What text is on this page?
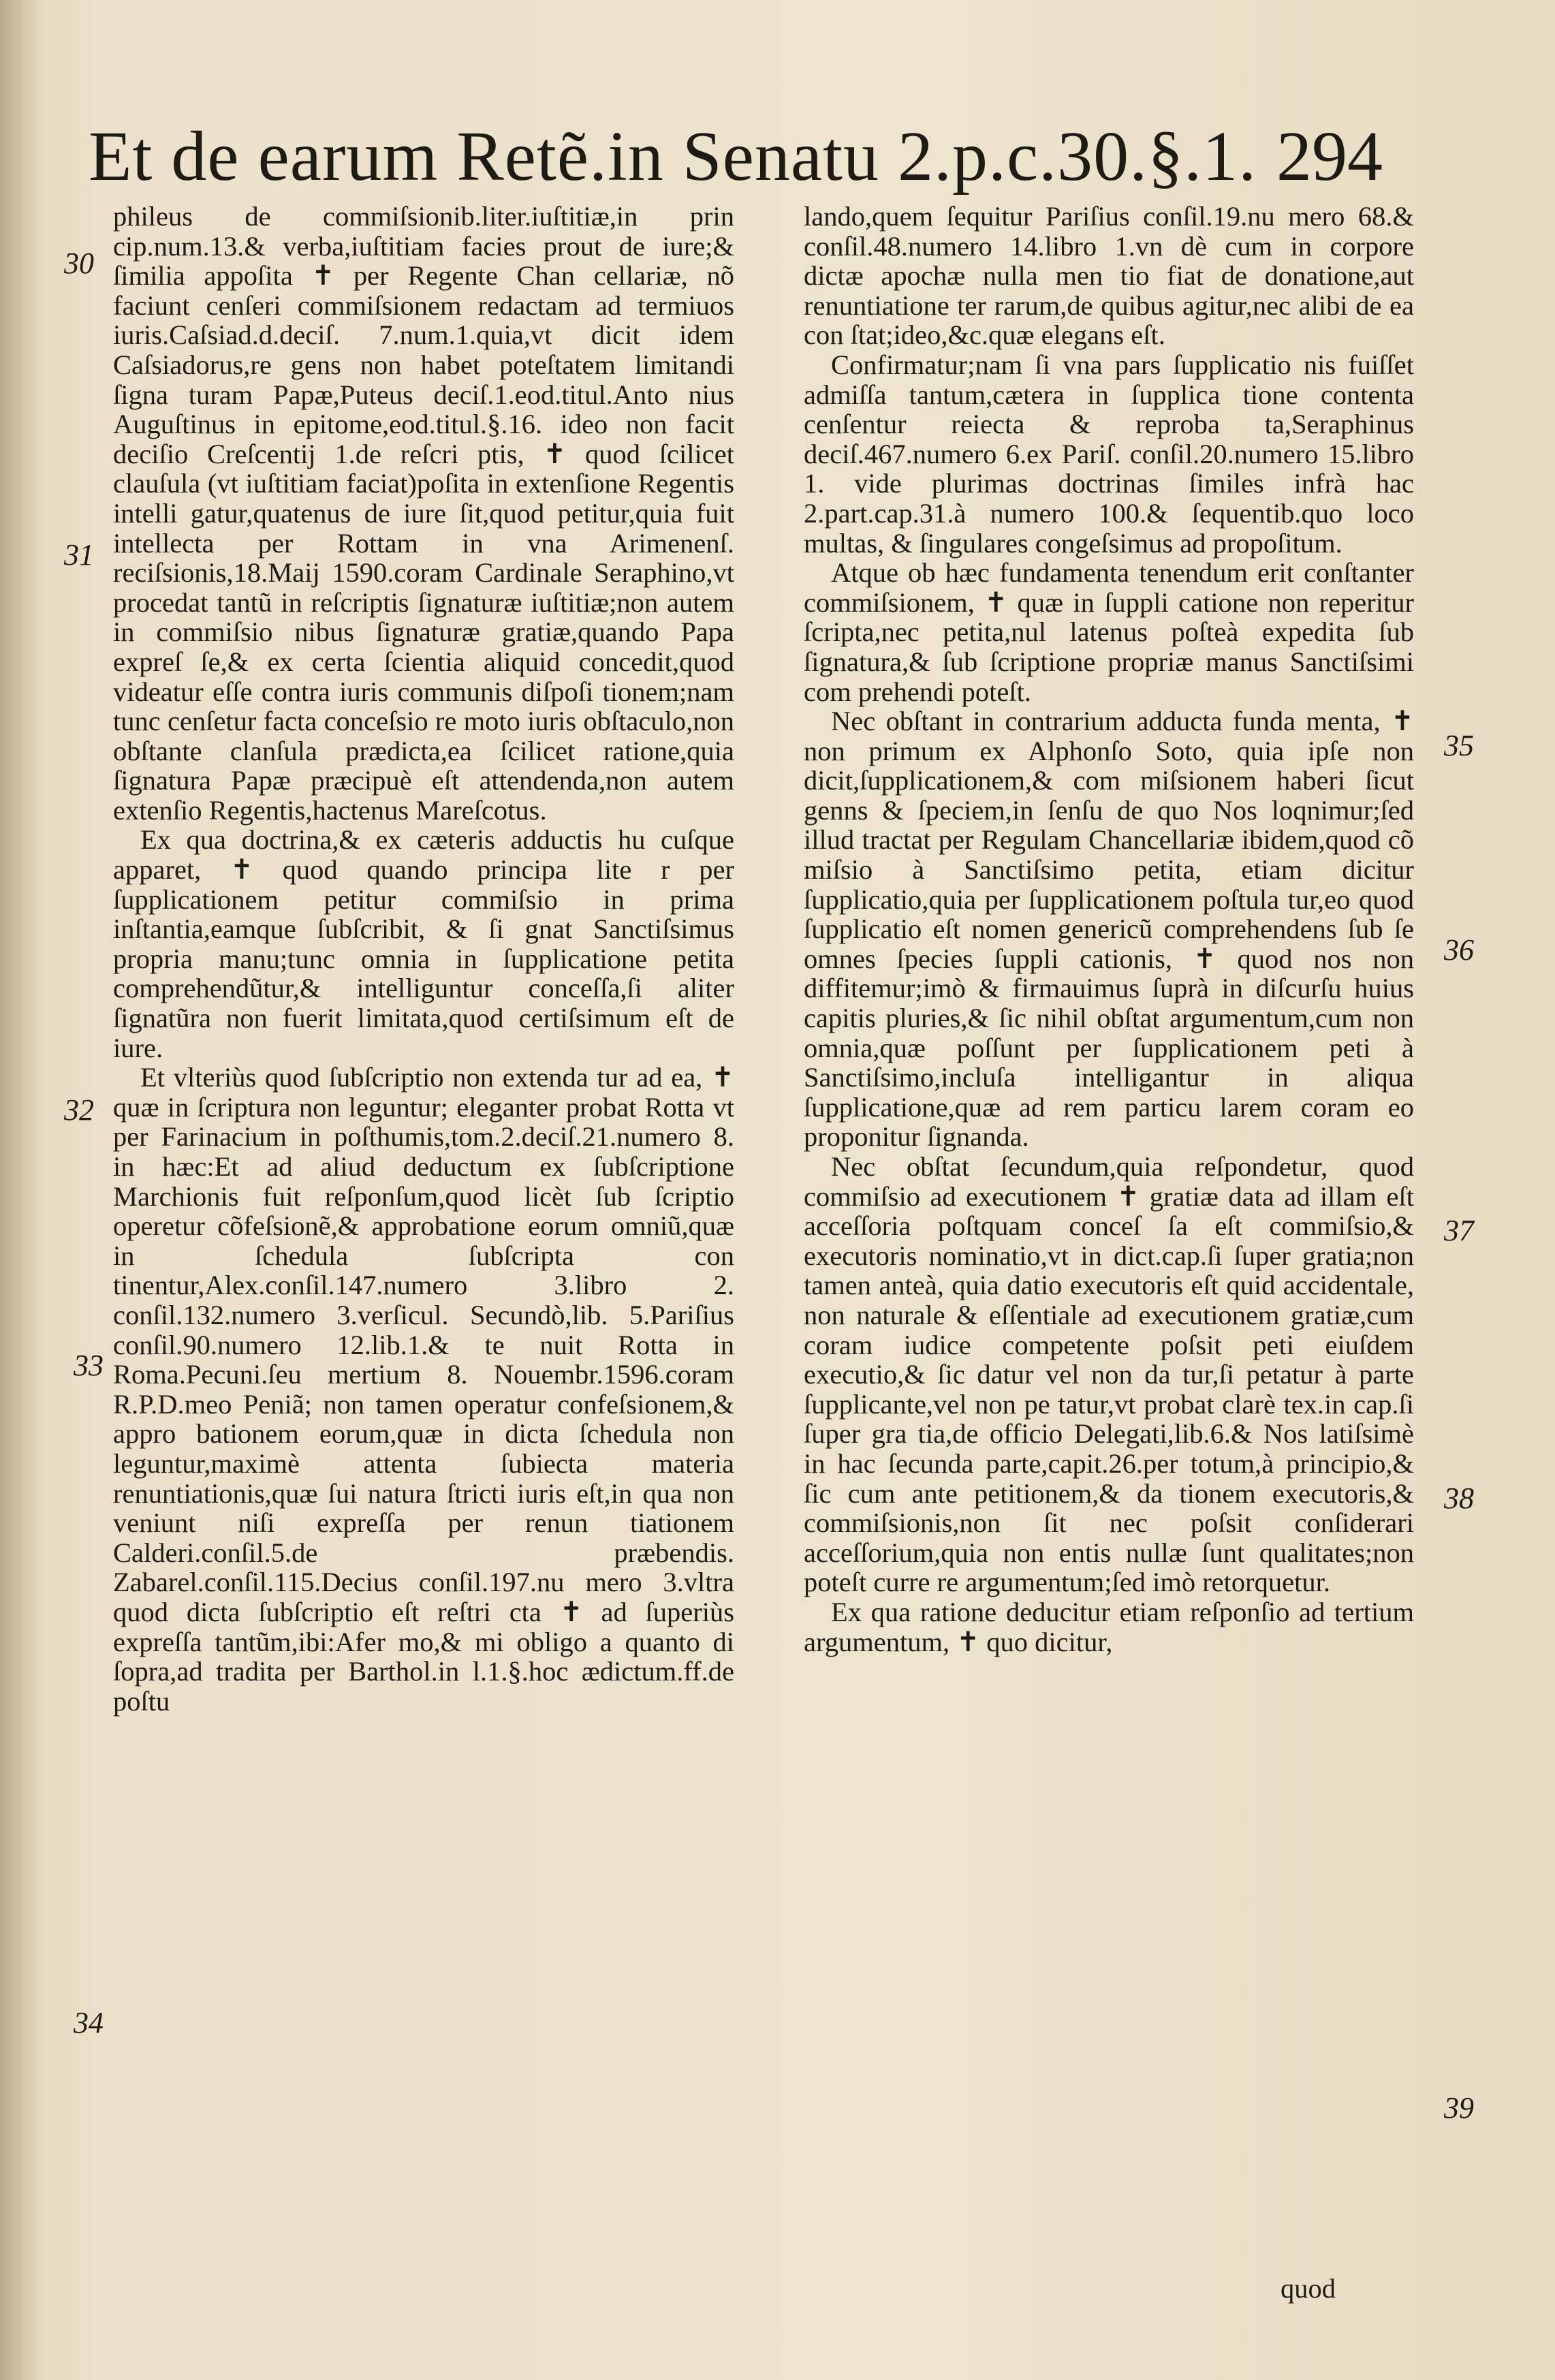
Et de earum Retẽ.in Senatu 2.p.c.30.§.1. 294

phileus de commiſsionib.liter.iuſtitiæ,in prin cip.num.13.& verba,iuſtitiam facies prout de iure;& ſimilia appoſita ✝ per Regente Chan cellariæ, nõ faciunt cenſeri commiſsionem redactam ad termiuos iuris.Caſsiad.d.deciſ. 7.num.1.quia,vt dicit idem Caſsiadorus,re gens non habet poteſtatem limitandi ſigna turam Papæ,Puteus deciſ.1.eod.titul.Anto nius Auguſtinus in epitome,eod.titul.§.16. ideo non facit deciſio Creſcentij 1.de reſcri ptis, ✝ quod ſcilicet clauſula (vt iuſtitiam faciat)poſita in extenſione Regentis intelli gatur,quatenus de iure ſit,quod petitur,quia fuit intellecta per Rottam in vna Arimenenſ. reciſsionis,18.Maij 1590.coram Cardinale Seraphino,vt procedat tantũ in reſcriptis ſignaturæ iuſtitiæ;non autem in commiſsio nibus ſignaturæ gratiæ,quando Papa expreſ ſe,& ex certa ſcientia aliquid concedit,quod videatur eſſe contra iuris communis diſpoſi tionem;nam tunc cenſetur facta conceſsio re moto iuris obſtaculo,non obſtante clanſula prædicta,ea ſcilicet ratione,quia ſignatura Papæ præcipuè eſt attendenda,non autem extenſio Regentis,hactenus Mareſcotus.

Ex qua doctrina,& ex cæteris adductis hu cuſque apparet, ✝ quod quando principa lite r per ſupplicationem petitur commiſsio in prima inſtantia,eamque ſubſcribit, & ſi gnat Sanctiſsimus propria manu;tunc omnia in ſupplicatione petita comprehendũtur,& intelliguntur conceſſa,ſi aliter ſignatũra non fuerit limitata,quod certiſsimum eſt de iure.

Et vlteriùs quod ſubſcriptio non extenda tur ad ea, ✝ quæ in ſcriptura non leguntur; eleganter probat Rotta vt per Farinacium in poſthumis,tom.2.deciſ.21.numero 8. in hæc:Et ad aliud deductum ex ſubſcriptione Marchionis fuit reſponſum,quod licèt ſub ſcriptio operetur cõfeſsionẽ,& approbatione eorum omniũ,quæ in ſchedula ſubſcripta con tinentur,Alex.conſil.147.numero 3.libro 2. conſil.132.numero 3.verſicul. Secundò,lib. 5.Pariſius conſil.90.numero 12.lib.1.& te nuit Rotta in Roma.Pecuni.ſeu mertium 8. Nouembr.1596.coram R.P.D.meo Peniã; non tamen operatur confeſsionem,& appro bationem eorum,quæ in dicta ſchedula non leguntur,maximè attenta ſubiecta materia renuntiationis,quæ ſui natura ſtricti iuris eſt,in qua non veniunt niſi expreſſa per renun tiationem Calderi.conſil.5.de præbendis. Zabarel.conſil.115.Decius conſil.197.nu mero 3.vltra quod dicta ſubſcriptio eſt reſtri cta ✝ ad ſuperiùs expreſſa tantũm,ibi:Afer mo,& mi obligo a quanto di ſopra,ad tradita per Barthol.in l.1.§.hoc ædictum.ff.de poſtu

lando,quem ſequitur Pariſius conſil.19.nu mero 68.& conſil.48.numero 14.libro 1.vn dè cum in corpore dictæ apochæ nulla men tio fiat de donatione,aut renuntiatione ter rarum,de quibus agitur,nec alibi de ea con ſtat;ideo,&c.quæ elegans eſt.

Confirmatur;nam ſi vna pars ſupplicatio nis fuiſſet admiſſa tantum,cætera in ſupplica tione contenta cenſentur reiecta & reproba ta,Seraphinus deciſ.467.numero 6.ex Pariſ. conſil.20.numero 15.libro 1. vide plurimas doctrinas ſimiles infrà hac 2.part.cap.31.à numero 100.& ſequentib.quo loco multas, & ſingulares congeſsimus ad propoſitum.

Atque ob hæc fundamenta tenendum erit conſtanter commiſsionem, ✝ quæ in ſuppli catione non reperitur ſcripta,nec petita,nul latenus poſteà expedita ſub ſignatura,& ſub ſcriptione propriæ manus Sanctiſsimi com prehendi poteſt.

Nec obſtant in contrarium adducta funda menta, ✝ non primum ex Alphonſo Soto, quia ipſe non dicit,ſupplicationem,& com miſsionem haberi ſicut genns & ſpeciem,in ſenſu de quo Nos loqnimur;ſed illud tractat per Regulam Chancellariæ ibidem,quod cõ miſsio à Sanctiſsimo petita, etiam dicitur ſupplicatio,quia per ſupplicationem poſtula tur,eo quod ſupplicatio eſt nomen genericũ comprehendens ſub ſe omnes ſpecies ſuppli cationis, ✝ quod nos non diffitemur;imò & firmauimus ſuprà in diſcurſu huius capitis pluries,& ſic nihil obſtat argumentum,cum non omnia,quæ poſſunt per ſupplicationem peti à Sanctiſsimo,incluſa intelligantur in aliqua ſupplicatione,quæ ad rem particu larem coram eo proponitur ſignanda.

Nec obſtat ſecundum,quia reſpondetur, quod commiſsio ad executionem ✝ gratiæ data ad illam eſt acceſſoria poſtquam conceſ ſa eſt commiſsio,& executoris nominatio,vt in dict.cap.ſi ſuper gratia;non tamen anteà, quia datio executoris eſt quid accidentale, non naturale & eſſentiale ad executionem gratiæ,cum coram iudice competente poſsit peti eiuſdem executio,& ſic datur vel non da tur,ſi petatur à parte ſupplicante,vel non pe tatur,vt probat clarè tex.in cap.ſi ſuper gra tia,de officio Delegati,lib.6.& Nos latiſsimè in hac ſecunda parte,capit.26.per totum,à principio,& ſic cum ante petitionem,& da tionem executoris,& commiſsionis,non ſit nec poſsit conſiderari acceſſorium,quia non entis nullæ ſunt qualitates;non poteſt curre re argumentum;ſed imò retorquetur.

Ex qua ratione deducitur etiam reſponſio ad tertium argumentum, ✝ quo dicitur,

30
31
32
33
34
35
36
37
38
39
quod
